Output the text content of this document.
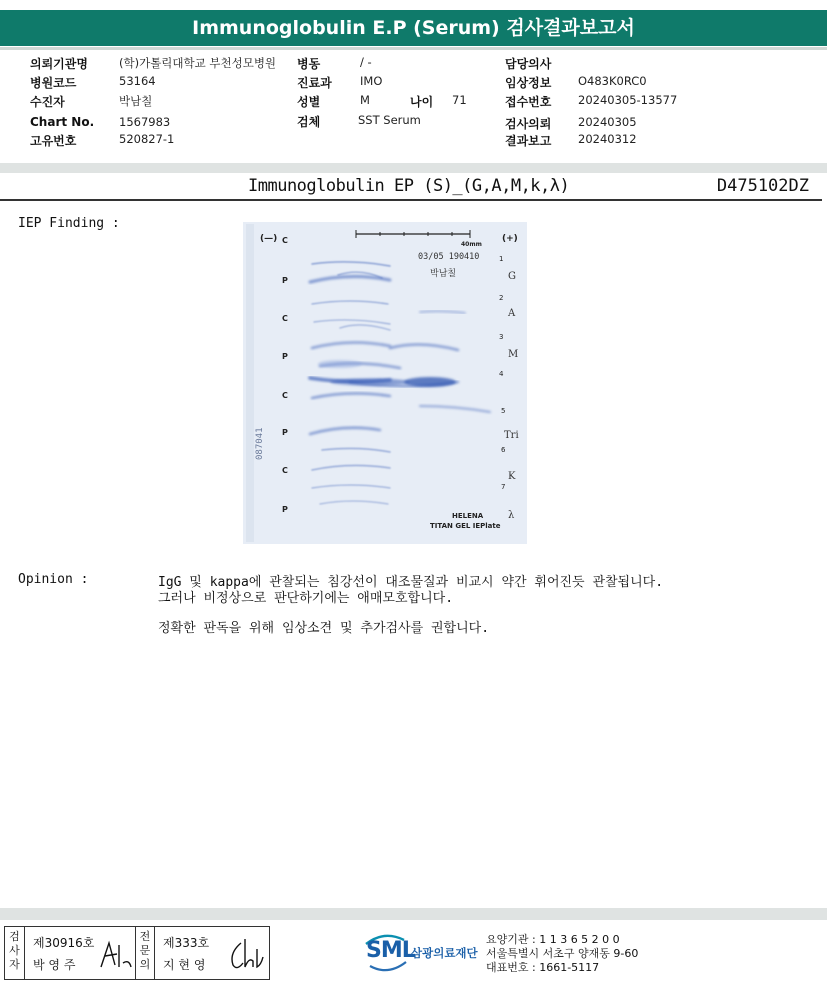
Immunoglobulin E.P (Serum) 검사결과보고서
의뢰기관명	(학)가톨릭대학교 부천성모병원 병동	/ -	담당의사
병원코드	53164	진료과 IMO	임상정보 O483K0RC0
수진자	박남칠	성별	M	나이 71	접수번호 20240305-13577
Chart No. 1567983	검체	SST Serum	검사의뢰 20240305
고유번호	520827-1	결과보고 20240312
Immunoglobulin EP (S)_(G,A,M,k,λ)	D475102DZ
IEP Finding :
(—)	(+)
40mm
03/05 190410
박남칠
087041
C
P
C
P
C
P
C
P
1
2
3
4
5
6
7
G
A
M
Tri
K
λ
HELENA
TITAN GEL IEPlate
Opinion :	IgG 및 kappa에 관찰되는 침강선이 대조물질과 비교시 약간 휘어진듯 관찰됩니다.
그러나 비정상으로 판단하기에는 애매모호합니다.
정확한 판독을 위해 임상소견 및 추가검사를 권합니다.
검사자
제30916호
박 영 주
전문의
제333호
지 현 영
SML
삼광의료재단
요양기관 : 1 1 3 6 5 2 0 0
서울특별시 서초구 양재동 9-60
대표번호 : 1661-5117
